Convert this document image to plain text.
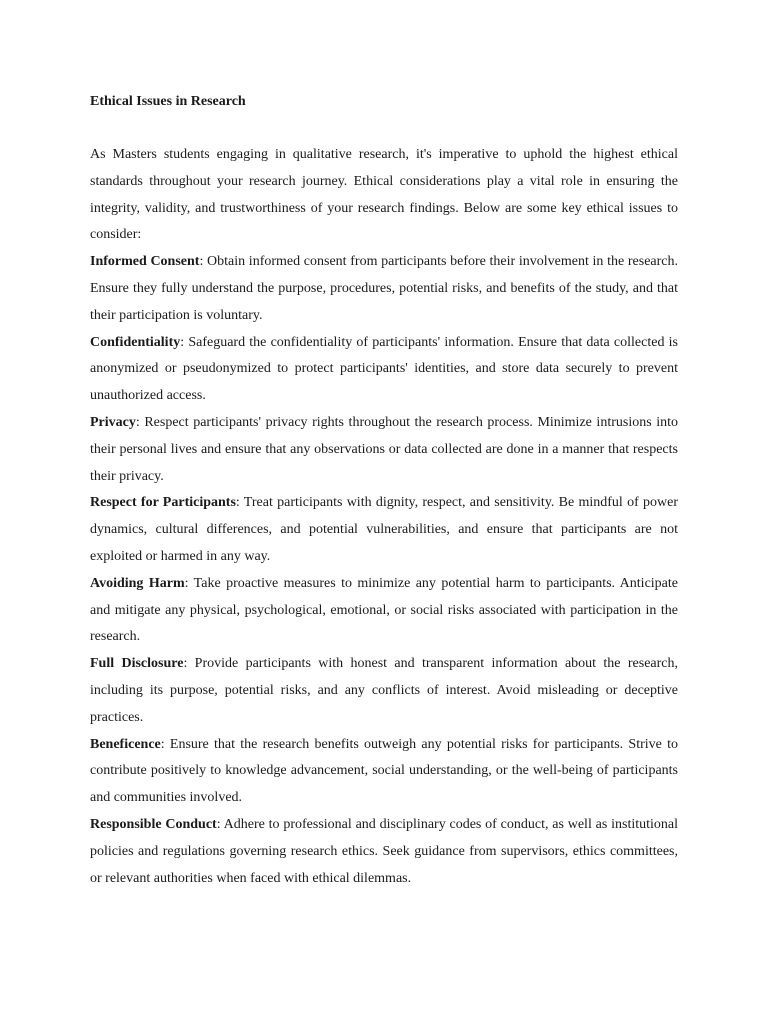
Ethical Issues in Research

As Masters students engaging in qualitative research, it's imperative to uphold the highest ethical standards throughout your research journey. Ethical considerations play a vital role in ensuring the integrity, validity, and trustworthiness of your research findings. Below are some key ethical issues to consider:

Informed Consent: Obtain informed consent from participants before their involvement in the research. Ensure they fully understand the purpose, procedures, potential risks, and benefits of the study, and that their participation is voluntary.

Confidentiality: Safeguard the confidentiality of participants' information. Ensure that data collected is anonymized or pseudonymized to protect participants' identities, and store data securely to prevent unauthorized access.

Privacy: Respect participants' privacy rights throughout the research process. Minimize intrusions into their personal lives and ensure that any observations or data collected are done in a manner that respects their privacy.

Respect for Participants: Treat participants with dignity, respect, and sensitivity. Be mindful of power dynamics, cultural differences, and potential vulnerabilities, and ensure that participants are not exploited or harmed in any way.

Avoiding Harm: Take proactive measures to minimize any potential harm to participants. Anticipate and mitigate any physical, psychological, emotional, or social risks associated with participation in the research.

Full Disclosure: Provide participants with honest and transparent information about the research, including its purpose, potential risks, and any conflicts of interest. Avoid misleading or deceptive practices.

Beneficence: Ensure that the research benefits outweigh any potential risks for participants. Strive to contribute positively to knowledge advancement, social understanding, or the well-being of participants and communities involved.

Responsible Conduct: Adhere to professional and disciplinary codes of conduct, as well as institutional policies and regulations governing research ethics. Seek guidance from supervisors, ethics committees, or relevant authorities when faced with ethical dilemmas.
